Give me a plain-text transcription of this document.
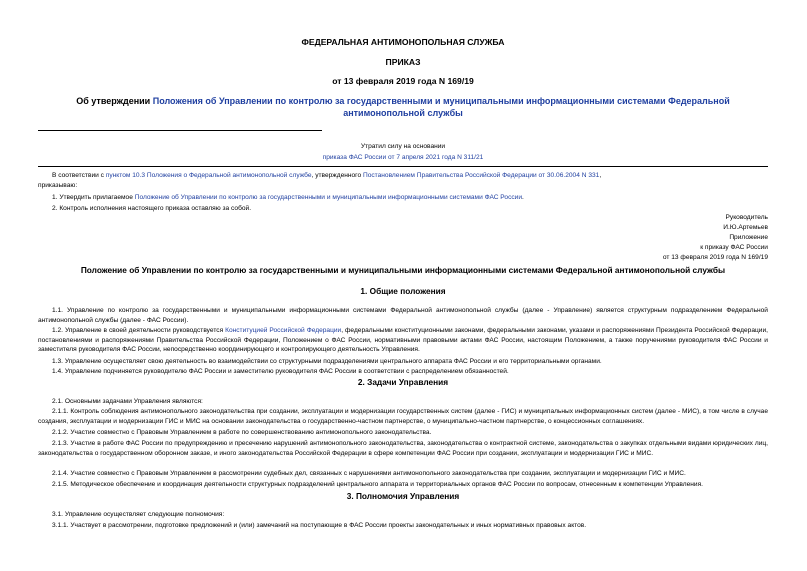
ФЕДЕРАЛЬНАЯ АНТИМОНОПОЛЬНАЯ СЛУЖБА
ПРИКАЗ
от 13 февраля 2019 года N 169/19
Об утверждении Положения об Управлении по контролю за государственными и муниципальными информационными системами Федеральной антимонопольной службы
Утратил силу на основании
приказа ФАС России от 7 апреля 2021 года N 311/21
В соответствии с пунктом 10.3 Положения о Федеральной антимонопольной службе, утвержденного Постановлением Правительства Российской Федерации от 30.06.2004 N 331,
приказываю:
1. Утвердить прилагаемое Положение об Управлении по контролю за государственными и муниципальными информационными системами ФАС России.
2. Контроль исполнения настоящего приказа оставляю за собой.
Руководитель
И.Ю.Артемьев
Приложение
к приказу ФАС России
от 13 февраля 2019 года N 169/19
Положение об Управлении по контролю за государственными и муниципальными информационными системами Федеральной антимонопольной службы
1. Общие положения
1.1. Управление по контролю за государственными и муниципальными информационными системами Федеральной антимонопольной службы (далее - Управление) является структурным подразделением Федеральной антимонопольной службы (далее - ФАС России).
1.2. Управление в своей деятельности руководствуется Конституцией Российской Федерации, федеральными конституционными законами, федеральными законами, указами и распоряжениями Президента Российской Федерации, постановлениями и распоряжениями Правительства Российской Федерации, Положением о ФАС России, нормативными правовыми актами ФАС России, настоящим Положением, а также поручениями руководителя ФАС России и заместителя руководителя ФАС России, непосредственно координирующего и контролирующего деятельность Управления.
1.3. Управление осуществляет свою деятельность во взаимодействии со структурными подразделениями центрального аппарата ФАС России и его территориальными органами.
1.4. Управление подчиняется руководителю ФАС России и заместителю руководителя ФАС России в соответствии с распределением обязанностей.
2. Задачи Управления
2.1. Основными задачами Управления являются:
2.1.1. Контроль соблюдения антимонопольного законодательства при создании, эксплуатации и модернизации государственных систем (далее - ГИС) и муниципальных информационных систем (далее - МИС), в том числе в случае создания, эксплуатации и модернизации ГИС и МИС на основании законодательства о государственно-частном партнерстве, о муниципально-частном партнерстве, о концессионных соглашениях.
2.1.2. Участие совместно с Правовым Управлением в работе по совершенствованию антимонопольного законодательства.
2.1.3. Участие в работе ФАС России по предупреждению и пресечению нарушений антимонопольного законодательства, законодательства о контрактной системе, законодательства о закупках отдельными видами юридических лиц, законодательства о государственном оборонном заказе, и иного законодательства Российской Федерации в сфере компетенции ФАС России при создании, эксплуатации и модернизации ГИС и МИС.
2.1.4. Участие совместно с Правовым Управлением в рассмотрении судебных дел, связанных с нарушениями антимонопольного законодательства при создании, эксплуатации и модернизации ГИС и МИС.
2.1.5. Методическое обеспечение и координация деятельности структурных подразделений центрального аппарата и территориальных органов ФАС России по вопросам, отнесенным к компетенции Управления.
3. Полномочия Управления
3.1. Управление осуществляет следующие полномочия:
3.1.1. Участвует в рассмотрении, подготовке предложений и (или) замечаний на поступающие в ФАС России проекты законодательных и иных нормативных правовых актов.
